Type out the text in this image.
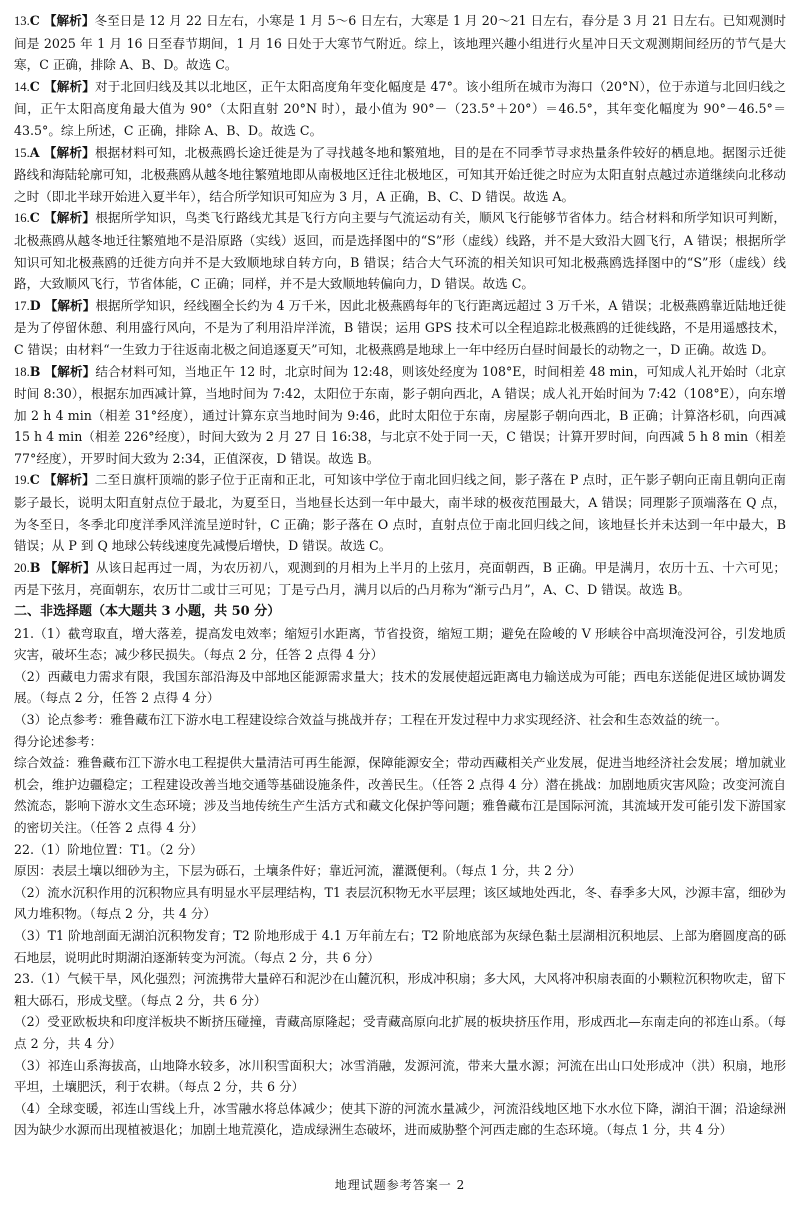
13.C 【解析】冬至日是 12 月 22 日左右，小寒是 1 月 5～6 日左右，大寒是 1 月 20～21 日左右，春分是 3 月 21 日左右。已知观测时间是 2025 年 1 月 16 日至春节期间，1 月 16 日处于大寒节气附近。综上，该地理兴趣小组进行火星冲日天文观测期间经历的节气是大寒，C 正确，排除 A、B、D。故选 C。

14.C 【解析】对于北回归线及其以北地区，正午太阳高度角年变化幅度是 47°。该小组所在城市为海口（20°N），位于赤道与北回归线之间，正午太阳高度角最大值为 90°（太阳直射 20°N 时），最小值为 90°－（23.5°＋20°）＝46.5°，其年变化幅度为 90°－46.5°＝43.5°。综上所述，C 正确，排除 A、B、D。故选 C。

15.A 【解析】根据材料可知，北极燕鸥长途迁徙是为了寻找越冬地和繁殖地，目的是在不同季节寻求热量条件较好的栖息地。据图示迁徙路线和海陆轮廓可知，北极燕鸥从越冬地往繁殖地即从南极地区迁往北极地区，可知其开始迁徙之时应为太阳直射点越过赤道继续向北移动之时（即北半球开始进入夏半年），结合所学知识可知应为 3 月，A 正确，B、C、D 错误。故选 A。

16.C 【解析】根据所学知识，鸟类飞行路线尤其是飞行方向主要与气流运动有关，顺风飞行能够节省体力。结合材料和所学知识可判断，北极燕鸥从越冬地迁往繁殖地不是沿原路（实线）返回，而是选择图中的“S”形（虚线）线路，并不是大致沿大圆飞行，A 错误；根据所学知识可知北极燕鸥的迁徙方向并不是大致顺地球自转方向，B 错误；结合大气环流的相关知识可知北极燕鸥选择图中的“S”形（虚线）线路，大致顺风飞行，节省体能，C 正确；同样，并不是大致顺地转偏向力，D 错误。故选 C。

17.D 【解析】根据所学知识，经线圈全长约为 4 万千米，因此北极燕鸥每年的飞行距离远超过 3 万千米，A 错误；北极燕鸥靠近陆地迁徙是为了停留休憩、利用盛行风向，不是为了利用沿岸洋流，B 错误；运用 GPS 技术可以全程追踪北极燕鸥的迁徙线路，不是用遥感技术，C 错误；由材料“一生致力于往返南北极之间追逐夏天”可知，北极燕鸥是地球上一年中经历白昼时间最长的动物之一，D 正确。故选 D。

18.B 【解析】结合材料可知，当地正午 12 时，北京时间为 12:48，则该处经度为 108°E，时间相差 48 min，可知成人礼开始时（北京时间 8:30），根据东加西减计算，当地时间为 7:42，太阳位于东南，影子朝向西北，A 错误；成人礼开始时间为 7:42（108°E），向东增加 2 h 4 min（相差 31°经度），通过计算东京当地时间为 9:46，此时太阳位于东南，房屋影子朝向西北，B 正确；计算洛杉矶，向西减 15 h 4 min（相差 226°经度），时间大致为 2 月 27 日 16:38，与北京不处于同一天，C 错误；计算开罗时间，向西减 5 h 8 min（相差 77°经度），开罗时间大致为 2:34，正值深夜，D 错误。故选 B。

19.C 【解析】二至日旗杆顶端的影子位于正南和正北，可知该中学位于南北回归线之间，影子落在 P 点时，正午影子朝向正南且朝向正南影子最长，说明太阳直射点位于最北，为夏至日，当地昼长达到一年中最大，南半球的极夜范围最大，A 错误；同理影子顶端落在 Q 点，为冬至日，冬季北印度洋季风洋流呈逆时针，C 正确；影子落在 O 点时，直射点位于南北回归线之间，该地昼长并未达到一年中最大，B 错误；从 P 到 Q 地球公转线速度先减慢后增快，D 错误。故选 C。

20.B 【解析】从该日起再过一周，为农历初八，观测到的月相为上半月的上弦月，亮面朝西，B 正确。甲是满月，农历十五、十六可见；丙是下弦月，亮面朝东，农历廿二或廿三可见；丁是亏凸月，满月以后的凸月称为“渐亏凸月”，A、C、D 错误。故选 B。

二、非选择题（本大题共 3 小题，共 50 分）

21.（1）截弯取直，增大落差，提高发电效率；缩短引水距离，节省投资，缩短工期；避免在险峻的 V 形峡谷中高坝淹没河谷，引发地质灾害，破坏生态；减少移民损失。（每点 2 分，任答 2 点得 4 分）

（2）西藏电力需求有限，我国东部沿海及中部地区能源需求量大；技术的发展使超远距离电力输送成为可能；西电东送能促进区域协调发展。（每点 2 分，任答 2 点得 4 分）

（3）论点参考：雅鲁藏布江下游水电工程建设综合效益与挑战并存；工程在开发过程中力求实现经济、社会和生态效益的统一。

得分论述参考：

综合效益：雅鲁藏布江下游水电工程提供大量清洁可再生能源，保障能源安全；带动西藏相关产业发展，促进当地经济社会发展；增加就业机会，维护边疆稳定；工程建设改善当地交通等基础设施条件，改善民生。（任答 2 点得 4 分）潜在挑战：加剧地质灾害风险；改变河流自然流态，影响下游水文生态环境；涉及当地传统生产生活方式和藏文化保护等问题；雅鲁藏布江是国际河流，其流域开发可能引发下游国家的密切关注。（任答 2 点得 4 分）

22.（1）阶地位置：T1。（2 分）

原因：表层土壤以细砂为主，下层为砾石，土壤条件好；靠近河流，灌溉便利。（每点 1 分，共 2 分）

（2）流水沉积作用的沉积物应具有明显水平层理结构，T1 表层沉积物无水平层理；该区域地处西北，冬、春季多大风，沙源丰富，细砂为风力堆积物。（每点 2 分，共 4 分）

（3）T1 阶地剖面无湖泊沉积物发育；T2 阶地形成于 4.1 万年前左右；T2 阶地底部为灰绿色黏土层湖相沉积地层、上部为磨圆度高的砾石地层，说明此时期湖泊逐渐转变为河流。（每点 2 分，共 6 分）

23.（1）气候干旱，风化强烈；河流携带大量碎石和泥沙在山麓沉积，形成冲积扇；多大风，大风将冲积扇表面的小颗粒沉积物吹走，留下粗大砾石，形成戈壁。（每点 2 分，共 6 分）

（2）受亚欧板块和印度洋板块不断挤压碰撞，青藏高原隆起；受青藏高原向北扩展的板块挤压作用，形成西北—东南走向的祁连山系。（每点 2 分，共 4 分）

（3）祁连山系海拔高，山地降水较多，冰川积雪面积大；冰雪消融，发源河流，带来大量水源；河流在出山口处形成冲（洪）积扇，地形平坦，土壤肥沃，利于农耕。（每点 2 分，共 6 分）

（4）全球变暖，祁连山雪线上升，冰雪融水将总体减少；使其下游的河流水量减少，河流沿线地区地下水水位下降，湖泊干涸；沿途绿洲因为缺少水源而出现植被退化；加剧土地荒漠化，造成绿洲生态破坏，进而威胁整个河西走廊的生态环境。（每点 1 分，共 4 分）

地理试题参考答案一 2
